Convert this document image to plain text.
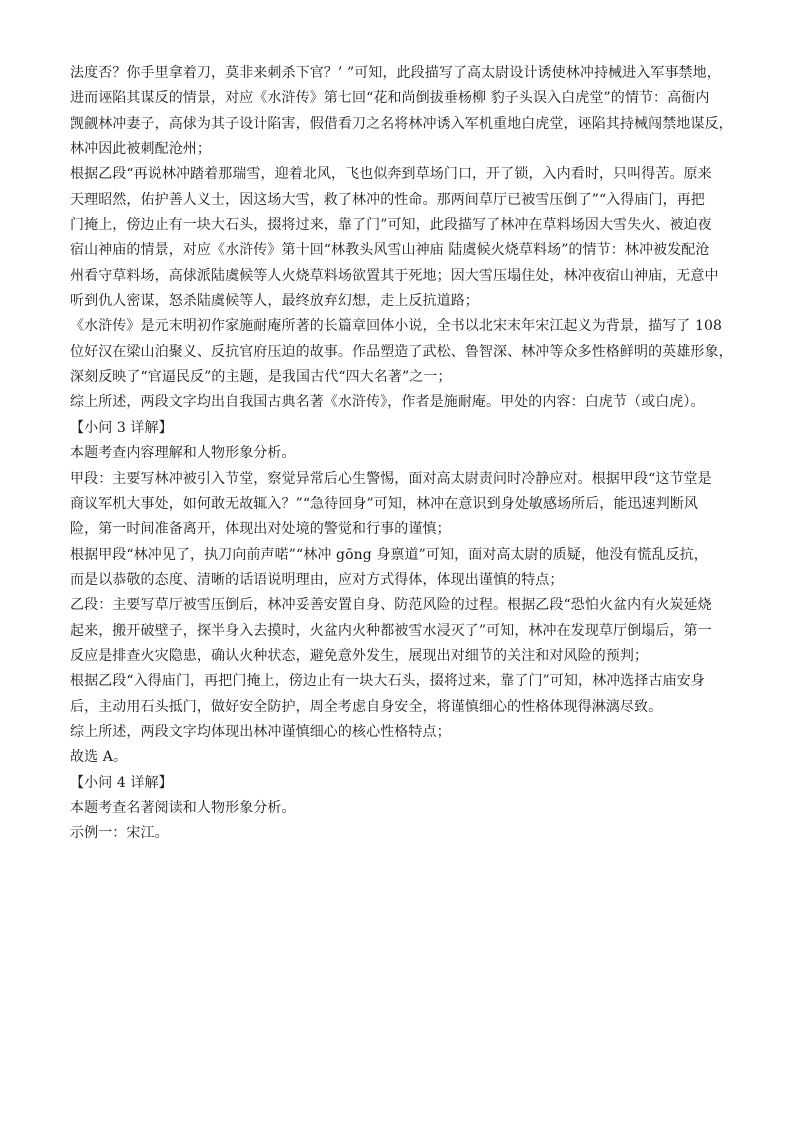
法度否？你手里拿着刀，莫非来刺杀下官？’ ”可知，此段描写了高太尉设计诱使林冲持械进入军事禁地，
进而诬陷其谋反的情景，对应《水浒传》第七回“花和尚倒拔垂杨柳 豹子头误入白虎堂”的情节：高衙内
觊觎林冲妻子，高俅为其子设计陷害，假借看刀之名将林冲诱入军机重地白虎堂，诬陷其持械闯禁地谋反，
林冲因此被刺配沧州；
根据乙段“再说林冲踏着那瑞雪，迎着北风，飞也似奔到草场门口，开了锁，入内看时，只叫得苦。原来
天理昭然，佑护善人义士，因这场大雪，救了林冲的性命。那两间草厅已被雪压倒了”“入得庙门，再把
门掩上，傍边止有一块大石头，掇将过来，靠了门”可知，此段描写了林冲在草料场因大雪失火、被迫夜
宿山神庙的情景，对应《水浒传》第十回“林教头风雪山神庙 陆虞候火烧草料场”的情节：林冲被发配沧
州看守草料场，高俅派陆虞候等人火烧草料场欲置其于死地；因大雪压塌住处，林冲夜宿山神庙，无意中
听到仇人密谋，怒杀陆虞候等人，最终放弃幻想，走上反抗道路；
《水浒传》是元末明初作家施耐庵所著的长篇章回体小说，全书以北宋末年宋江起义为背景，描写了 108
位好汉在梁山泊聚义、反抗官府压迫的故事。作品塑造了武松、鲁智深、林冲等众多性格鲜明的英雄形象，
深刻反映了“官逼民反”的主题，是我国古代“四大名著”之一；
综上所述，两段文字均出自我国古典名著《水浒传》，作者是施耐庵。甲处的内容：白虎节（或白虎）。
【小问 3 详解】
本题考查内容理解和人物形象分析。
甲段：主要写林冲被引入节堂，察觉异常后心生警惕，面对高太尉责问时冷静应对。根据甲段“这节堂是
商议军机大事处，如何敢无故辄入？”“急待回身”可知，林冲在意识到身处敏感场所后，能迅速判断风
险，第一时间准备离开，体现出对处境的警觉和行事的谨慎；
根据甲段“林冲见了，执刀向前声喏”“林冲 gōng 身禀道”可知，面对高太尉的质疑，他没有慌乱反抗，
而是以恭敬的态度、清晰的话语说明理由，应对方式得体，体现出谨慎的特点；
乙段：主要写草厅被雪压倒后，林冲妥善安置自身、防范风险的过程。根据乙段“恐怕火盆内有火炭延烧
起来，搬开破壁子，探半身入去摸时，火盆内火种都被雪水浸灭了”可知，林冲在发现草厅倒塌后，第一
反应是排查火灾隐患，确认火种状态，避免意外发生，展现出对细节的关注和对风险的预判；
根据乙段“入得庙门，再把门掩上，傍边止有一块大石头，掇将过来，靠了门”可知，林冲选择古庙安身
后，主动用石头抵门，做好安全防护，周全考虑自身安全，将谨慎细心的性格体现得淋漓尽致。
综上所述，两段文字均体现出林冲谨慎细心的核心性格特点；
故选 A。
【小问 4 详解】
本题考查名著阅读和人物形象分析。
示例一：宋江。
